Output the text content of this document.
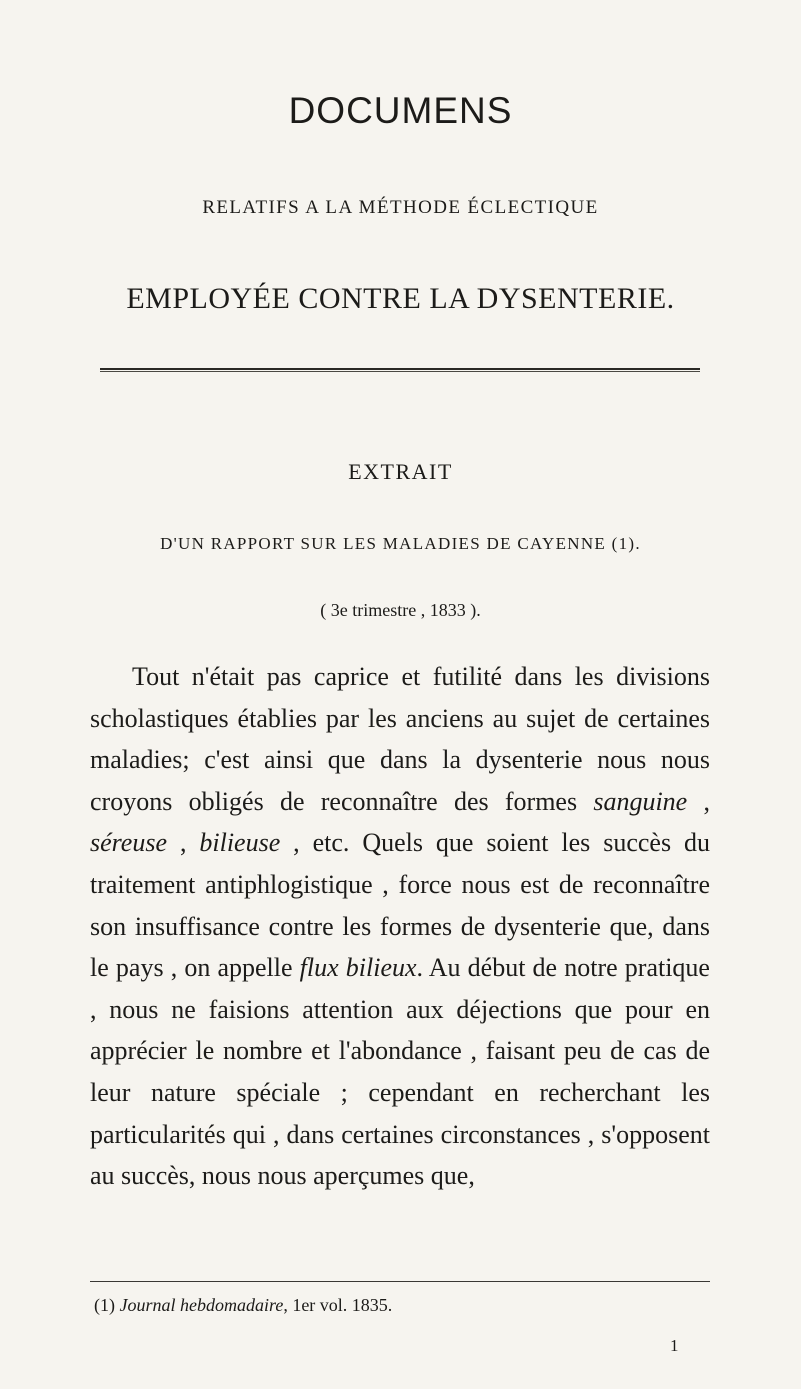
DOCUMENS
RELATIFS A LA MÉTHODE ÉCLECTIQUE
EMPLOYÉE CONTRE LA DYSENTERIE.
EXTRAIT

D'UN RAPPORT SUR LES MALADIES DE CAYENNE (1).

( 3e trimestre , 1833 ).

Tout n'était pas caprice et futilité dans les divisions scholastiques établies par les anciens au sujet de certaines maladies; c'est ainsi que dans la dysenterie nous nous croyons obligés de reconnaître des formes sanguine , séreuse , bilieuse , etc. Quels que soient les succès du traitement antiphlogistique , force nous est de reconnaître son insuffisance contre les formes de dysenterie que, dans le pays , on appelle flux bilieux. Au début de notre pratique , nous ne faisions attention aux déjections que pour en apprécier le nombre et l'abondance , faisant peu de cas de leur nature spéciale ; cependant en recherchant les particularités qui , dans certaines circonstances , s'opposent au succès, nous nous aperçumes que,

(1) Journal hebdomadaire, 1er vol. 1835.

1
